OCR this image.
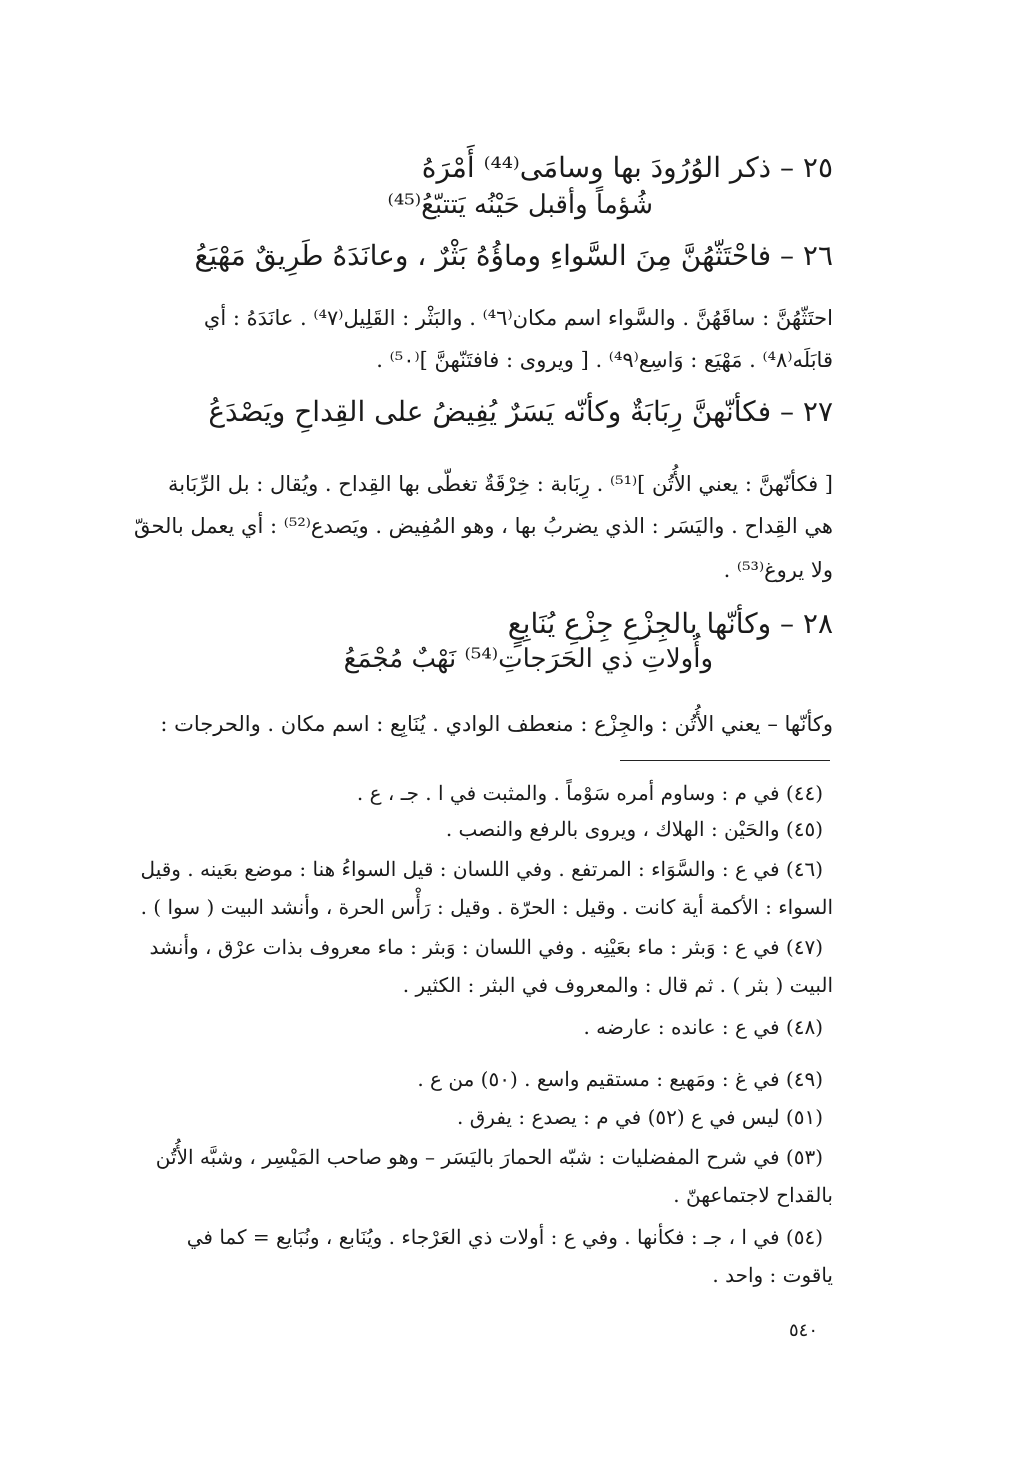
٢٥ – ذكر الوُرُودَ بها وسامَى⁽⁴⁴⁾ أَمْرَهُ
شُؤماً وأقبل حَيْنُه يَتتبّعُ⁽⁴⁵⁾
٢٦ – فاحْتَثّهُنَّ مِنَ السَّواءِ وماؤُهُ بَثْرٌ ، وعانَدَهُ طَرِيقٌ مَهْيَعُ
احتَثّهُنَّ : ساقَهُنَّ . والسَّواء اسم مكان⁽⁴٦⁾ . والبَثْر : القَلِيل⁽⁴٧⁾ . عانَدَهُ : أي
قابَلَه⁽⁴٨⁾ . مَهْيَع : وَاسِع⁽⁴٩⁾ . [ ويروى : فافتَنّهنَّ ]⁽⁵٠⁾ .
٢٧ – فكأنّهنَّ رِبَابَةٌ وكأنّه يَسَرٌ يُفِيضُ على القِداحِ ويَصْدَعُ
[ فكأنّهنَّ : يعني الأُتُن ]⁽⁵¹⁾ . رِبَابة : خِرْقَةٌ تغطّى بها القِداح . ويُقال : بل الرِّبَابة
هي القِداح . واليَسَر : الذي يضربُ بها ، وهو المُفِيض . ويَصدع⁽⁵²⁾ : أي يعمل بالحقّ
ولا يروغ⁽⁵³⁾ .
٢٨ – وكأنّها بالجِزْعِ جِزْعِ يُنَابِعٍ
وأُولاتِ ذي الحَرَجاتِ⁽⁵⁴⁾ نَهْبٌ مُجْمَعُ
وكأنّها – يعني الأُتُن : والجِزْع : منعطف الوادي . يُنَابِع : اسم مكان . والحرجات :
(٤٤) في م : وساوم أمره سَوْماً . والمثبت في ا . جـ ، ع .
(٤٥) والحَيْن : الهلاك ، ويروى بالرفع والنصب .
(٤٦) في ع : والسَّوَاء : المرتفع . وفي اللسان : قيل السواءُ هنا : موضع بعَينه . وقيل
السواء : الأكمة أية كانت . وقيل : الحرّة . وقيل : رَأْس الحرة ، وأنشد البيت ( سوا ) .
(٤٧) في ع : وَبثر : ماء بعَيْنِه . وفي اللسان : وَبثر : ماء معروف بذات عرْق ، وأنشد
البيت ( بثر ) . ثم قال : والمعروف في البثر : الكثير .
(٤٨) في ع : عانده : عارضه .
(٤٩) في غ : ومَهيع : مستقيم واسع . (٥٠) من ع .
(٥١) ليس في ع (٥٢) في م : يصدع : يفرق .
(٥٣) في شرح المفضليات : شبّه الحمارَ باليَسَر – وهو صاحب المَيْسِر ، وشبَّه الأُتُن
بالقداح لاجتماعهنّ .
(٥٤) في ا ، جـ : فكأنها . وفي ع : أولات ذي العَرْجاء . ويُنَابع ، ونُبَايع = كما في
ياقوت : واحد .
٥٤٠
